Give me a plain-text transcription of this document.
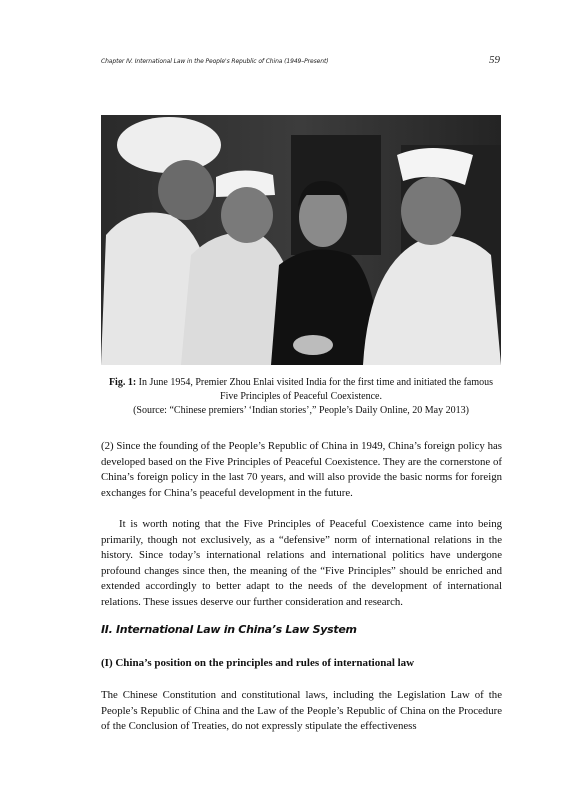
Chapter IV. International Law in the People's Republic of China (1949–Present)	59
Fig. 1: In June 1954, Premier Zhou Enlai visited India for the first time and initiated the famous Five Principles of Peaceful Coexistence.
(Source: “Chinese premiers’ ‘Indian stories’,” People’s Daily Online, 20 May 2013)
(2) Since the founding of the People’s Republic of China in 1949, China’s foreign policy has developed based on the Five Principles of Peaceful Coexistence. They are the cornerstone of China’s foreign policy in the last 70 years, and will also provide the basic norms for foreign exchanges for China’s peaceful development in the future.
It is worth noting that the Five Principles of Peaceful Coexistence came into being primarily, though not exclusively, as a “defensive” norm of international relations in the history. Since today’s international relations and international politics have undergone profound changes since then, the meaning of the “Five Principles” should be enriched and extended accordingly to better adapt to the needs of the development of international relations. These issues deserve our further consideration and research.
II. International Law in China’s Law System
(I) China’s position on the principles and rules of international law
The Chinese Constitution and constitutional laws, including the Legislation Law of the People’s Republic of China and the Law of the People’s Republic of China on the Procedure of the Conclusion of Treaties, do not expressly stipulate the effectiveness
